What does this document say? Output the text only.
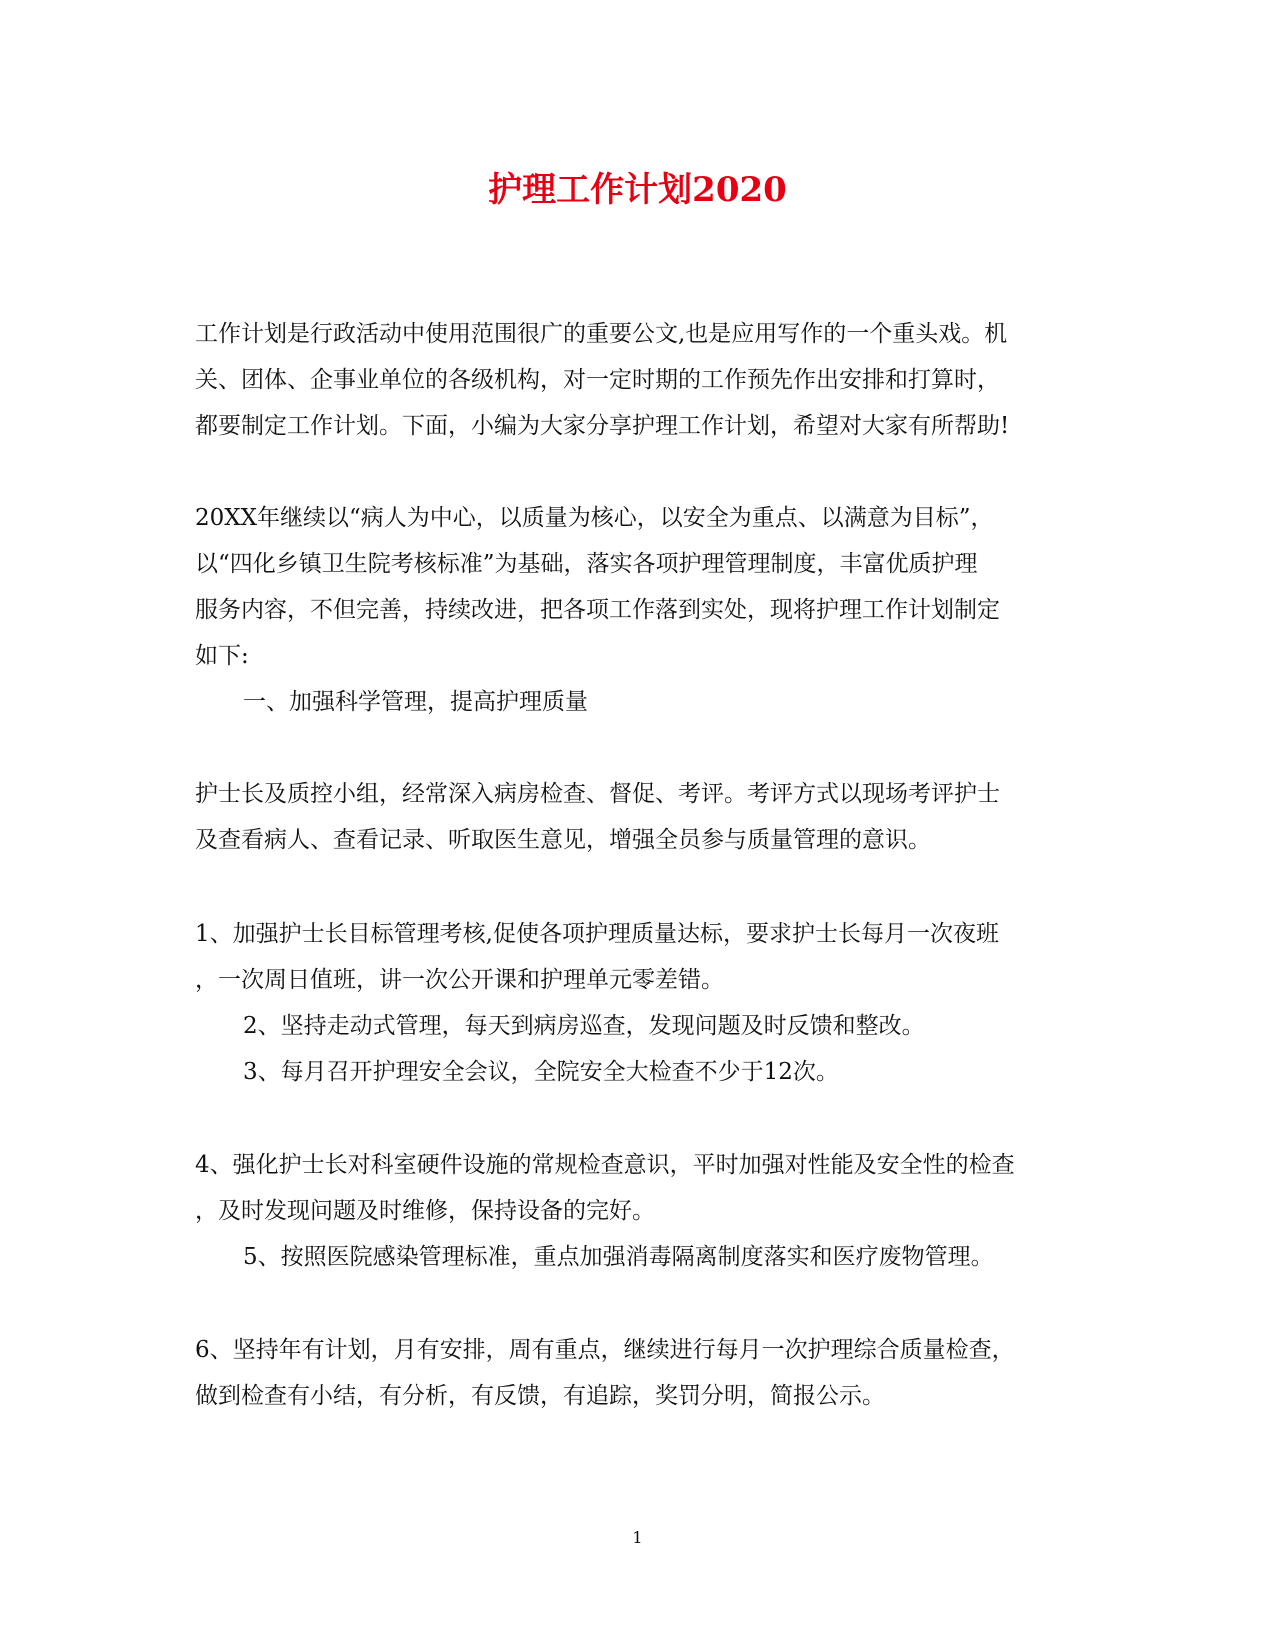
护理工作计划2020
工作计划是行政活动中使用范围很广的重要公文,也是应用写作的一个重头戏。机
关、团体、企事业单位的各级机构，对一定时期的工作预先作出安排和打算时，
都要制定工作计划。下面，小编为大家分享护理工作计划，希望对大家有所帮助!
20XX年继续以“病人为中心，以质量为核心，以安全为重点、以满意为目标”，
以“四化乡镇卫生院考核标准”为基础，落实各项护理管理制度，丰富优质护理
服务内容，不但完善，持续改进，把各项工作落到实处，现将护理工作计划制定
如下:
一、加强科学管理，提高护理质量
护士长及质控小组，经常深入病房检查、督促、考评。考评方式以现场考评护士
及查看病人、查看记录、听取医生意见，增强全员参与质量管理的意识。
1、加强护士长目标管理考核,促使各项护理质量达标，要求护士长每月一次夜班
，一次周日值班，讲一次公开课和护理单元零差错。
2、坚持走动式管理，每天到病房巡查，发现问题及时反馈和整改。
3、每月召开护理安全会议，全院安全大检查不少于12次。
4、强化护士长对科室硬件设施的常规检查意识，平时加强对性能及安全性的检查
，及时发现问题及时维修，保持设备的完好。
5、按照医院感染管理标准，重点加强消毒隔离制度落实和医疗废物管理。
6、坚持年有计划，月有安排，周有重点，继续进行每月一次护理综合质量检查，
做到检查有小结，有分析，有反馈，有追踪，奖罚分明，简报公示。
1
